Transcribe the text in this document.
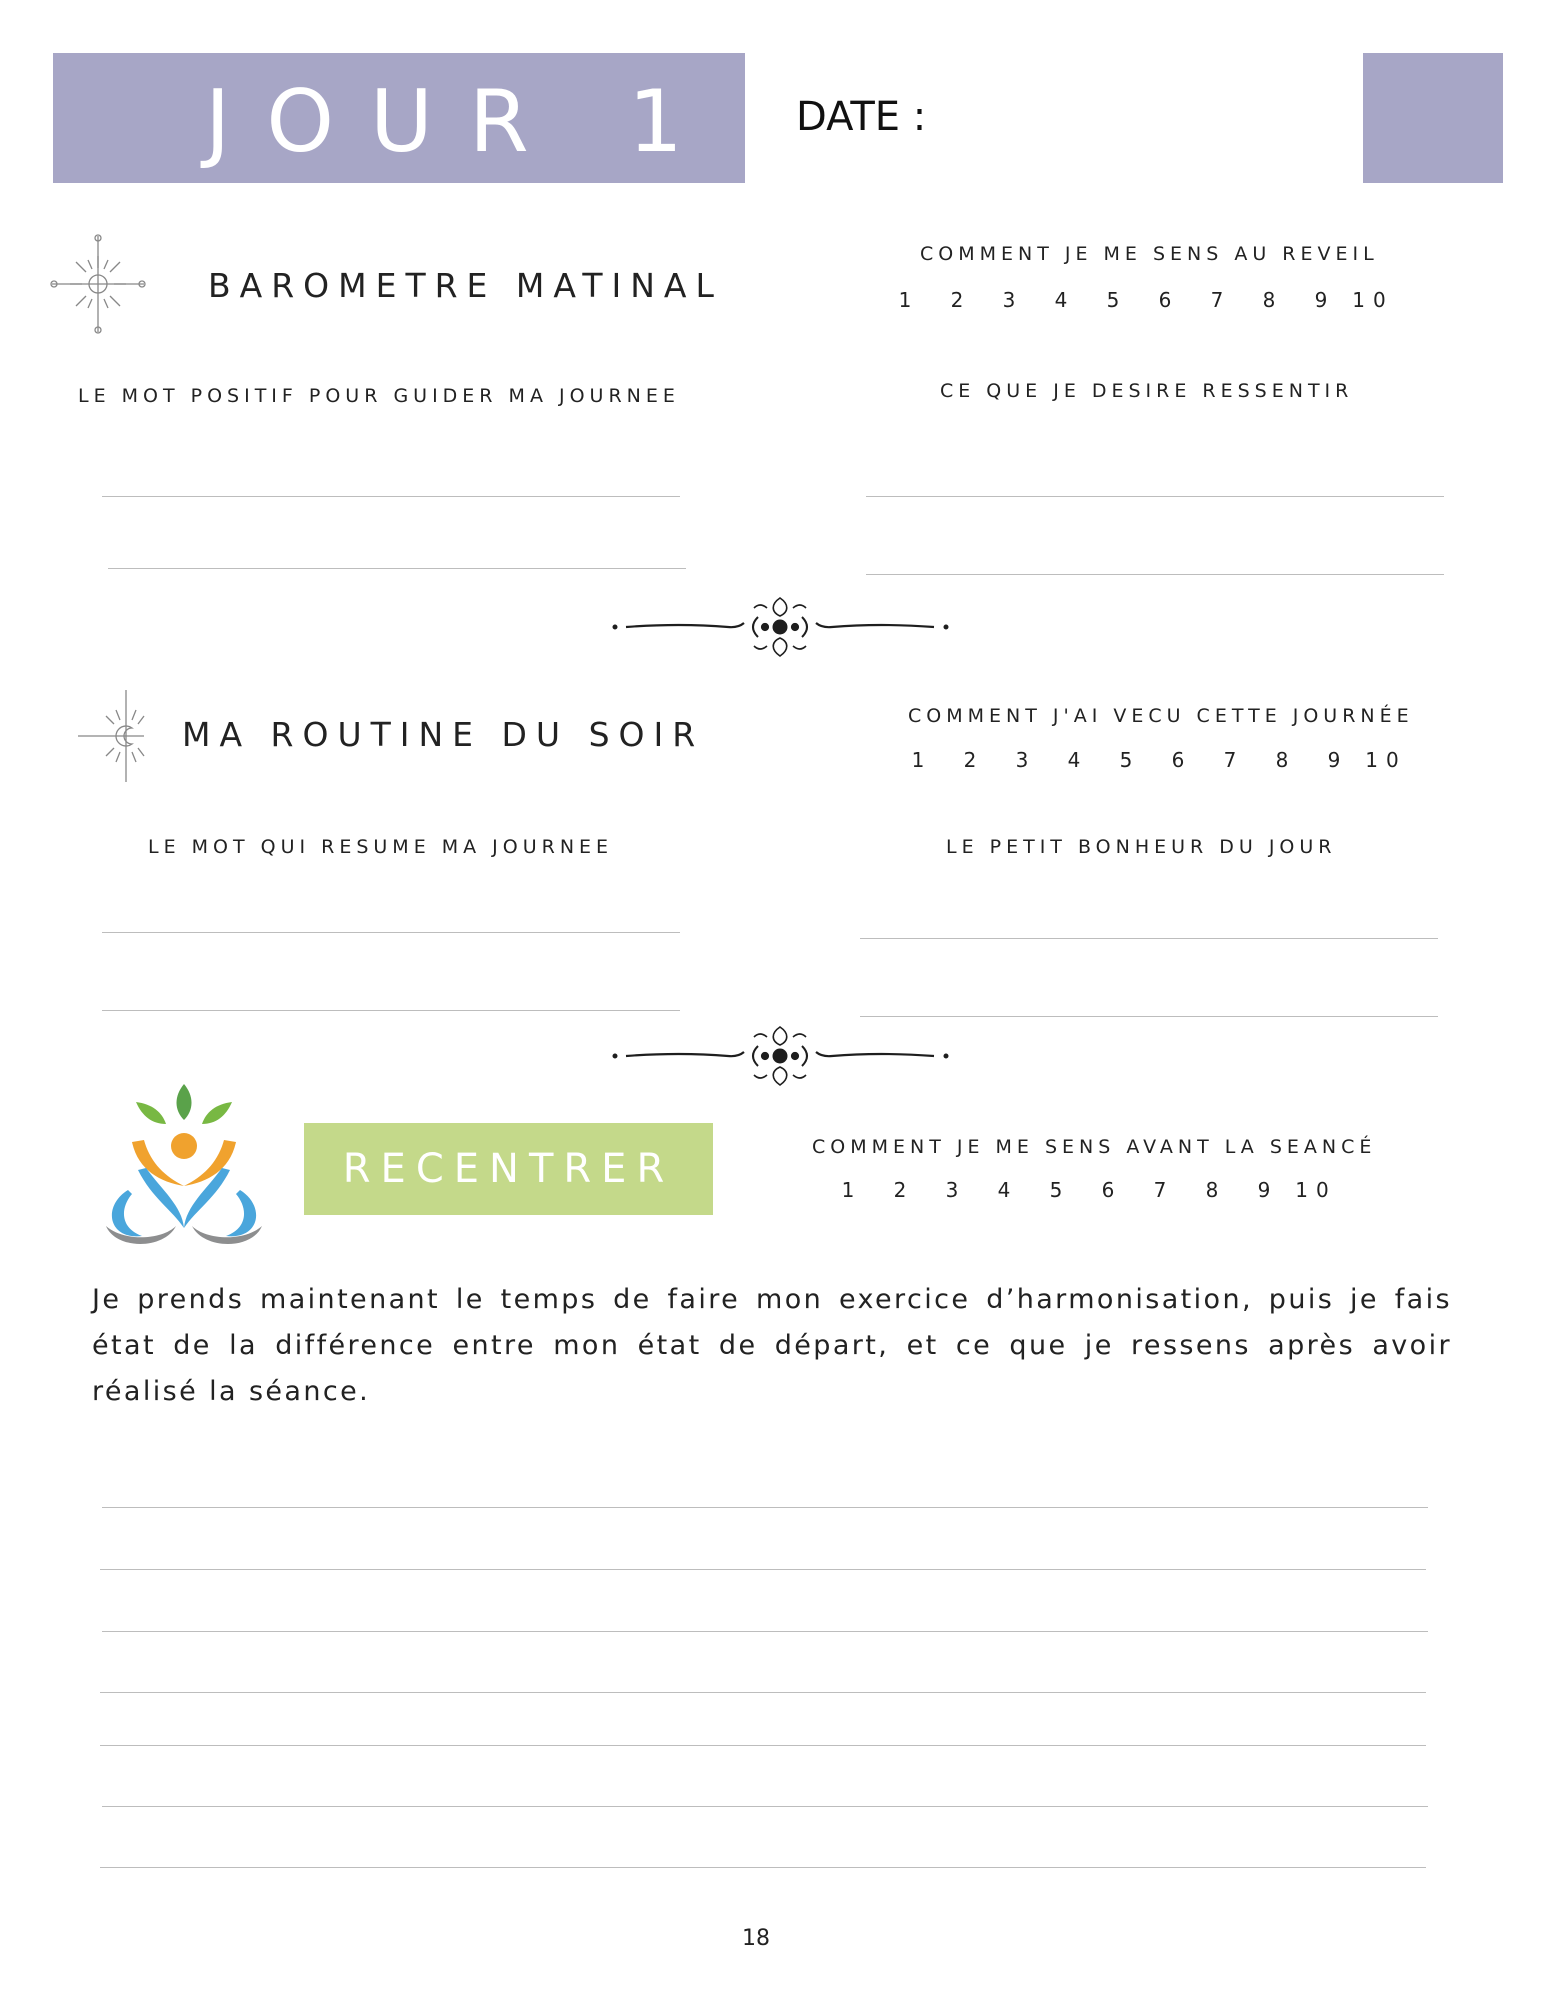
JOUR 1 DATE :
BAROMETRE MATINAL
COMMENT JE ME SENS AU REVEIL
1	2	3	4	5	6	7	8	9	10
LE MOT POSITIF POUR GUIDER MA JOURNEE	CE QUE JE DESIRE RESSENTIR
MA ROUTINE DU SOIR	COMMENT J'AI VECU CETTE JOURNÉE
1	2	3	4	5	6	7	8	9	10
LE MOT QUI RESUME MA JOURNEE	LE PETIT BONHEUR DU JOUR
RECENTRER	COMMENT JE ME SENS AVANT LA SEANCÉ
1	2	3	4	5	6	7	8	9	10
Je prends maintenant le temps de faire mon exercice d’harmonisation, puis je fais état de la différence entre mon état de départ, et ce que je ressens après avoir réalisé la séance.
18
